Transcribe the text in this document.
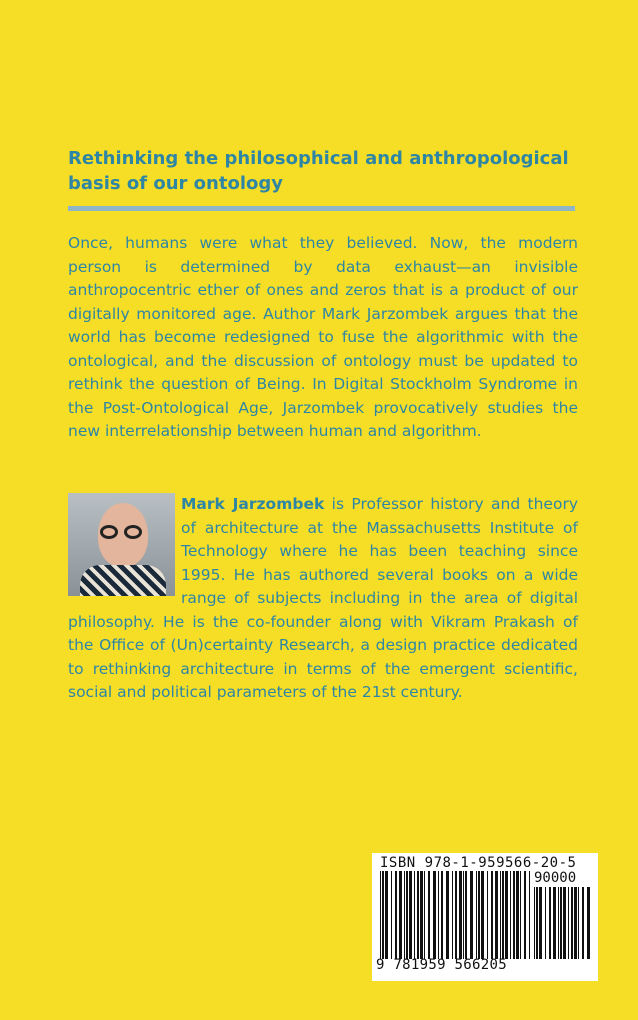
Rethinking the philosophical and anthropological basis of our ontology
Once, humans were what they believed. Now, the modern person is determined by data exhaust—an invisible anthropocentric ether of ones and zeros that is a product of our digitally monitored age. Author Mark Jarzombek argues that the world has become redesigned to fuse the algorithmic with the ontological, and the discussion of ontology must be updated to rethink the question of Being. In Digital Stockholm Syndrome in the Post-Ontological Age, Jarzombek provocatively studies the new interrelationship between human and algorithm.
Mark Jarzombek is Professor history and theory of architecture at the Massachusetts Institute of Technology where he has been teaching since 1995. He has authored several books on a wide range of subjects including in the area of digital philosophy. He is the co-founder along with Vikram Prakash of the Office of (Un)certainty Research, a design practice dedicated to rethinking architecture in terms of the emergent scientific, social and political parameters of the 21st century.
ISBN 978-1-959566-20-5
90000
9 781959 566205
